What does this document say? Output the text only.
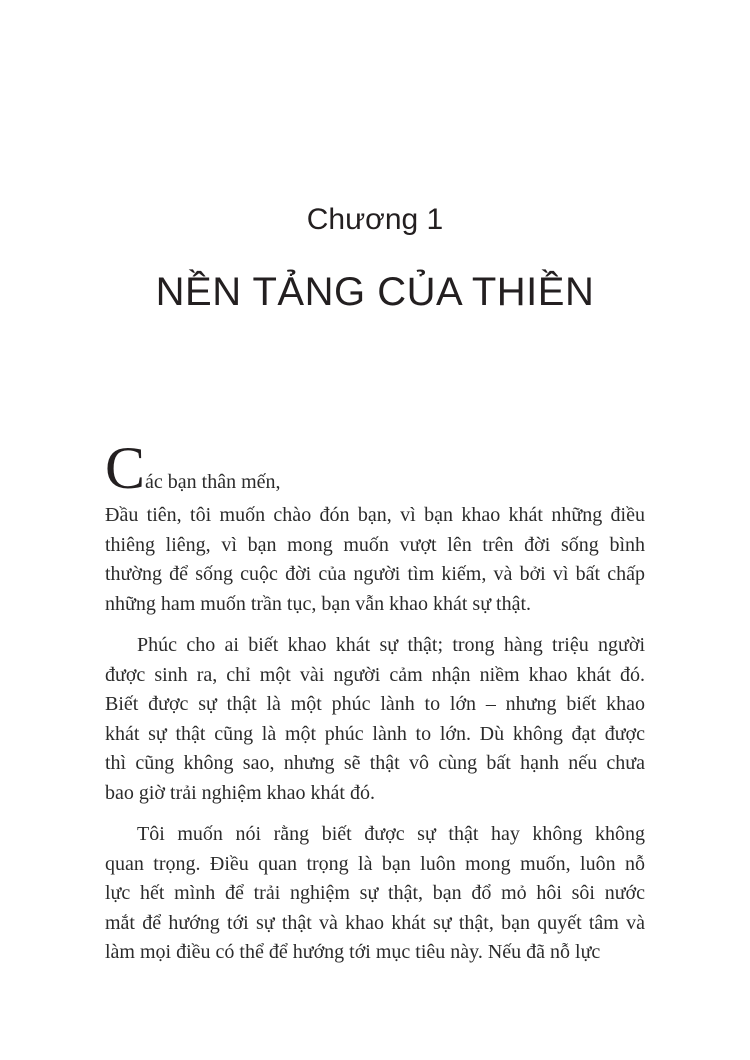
Chương 1
NỀN TẢNG CỦA THIỀN
Các bạn thân mến,
Đầu tiên, tôi muốn chào đón bạn, vì bạn khao khát những điều
thiêng liêng, vì bạn mong muốn vượt lên trên đời sống bình
thường để sống cuộc đời của người tìm kiếm, và bởi vì bất chấp
những ham muốn trần tục, bạn vẫn khao khát sự thật.
Phúc cho ai biết khao khát sự thật; trong hàng triệu người
được sinh ra, chỉ một vài người cảm nhận niềm khao khát đó.
Biết được sự thật là một phúc lành to lớn – nhưng biết khao
khát sự thật cũng là một phúc lành to lớn. Dù không đạt được
thì cũng không sao, nhưng sẽ thật vô cùng bất hạnh nếu chưa
bao giờ trải nghiệm khao khát đó.
Tôi muốn nói rằng biết được sự thật hay không không
quan trọng. Điều quan trọng là bạn luôn mong muốn, luôn nỗ
lực hết mình để trải nghiệm sự thật, bạn đổ mỏ hôi sôi nước
mắt để hướng tới sự thật và khao khát sự thật, bạn quyết tâm và
làm mọi điều có thể để hướng tới mục tiêu này. Nếu đã nỗ lực
